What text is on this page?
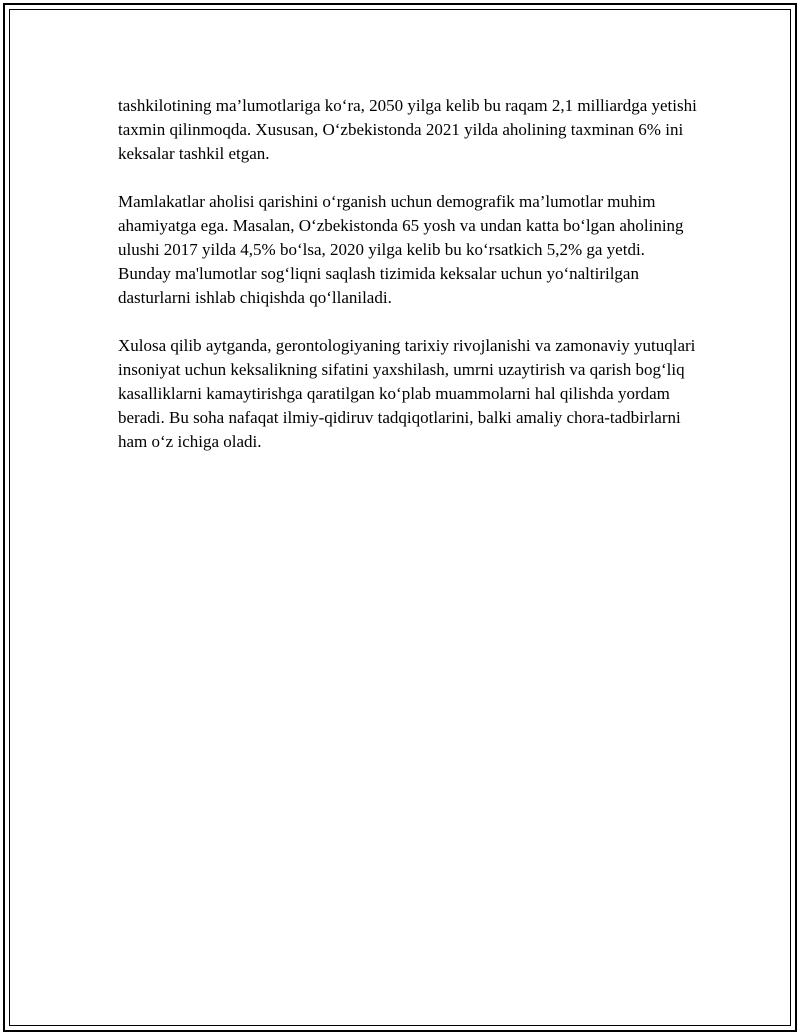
tashkilotining ma’lumotlariga ko‘ra, 2050 yilga kelib bu raqam 2,1 milliardga yetishi taxmin qilinmoqda. Xususan, O‘zbekistonda 2021 yilda aholining taxminan 6% ini keksalar tashkil etgan.

Mamlakatlar aholisi qarishini o‘rganish uchun demografik ma’lumotlar muhim ahamiyatga ega. Masalan, O‘zbekistonda 65 yosh va undan katta bo‘lgan aholining ulushi 2017 yilda 4,5% bo‘lsa, 2020 yilga kelib bu ko‘rsatkich 5,2% ga yetdi. Bunday ma'lumotlar sog‘liqni saqlash tizimida keksalar uchun yo‘naltirilgan dasturlarni ishlab chiqishda qo‘llaniladi.

Xulosa qilib aytganda, gerontologiyaning tarixiy rivojlanishi va zamonaviy yutuqlari insoniyat uchun keksalikning sifatini yaxshilash, umrni uzaytirish va qarish bog‘liq kasalliklarni kamaytirishga qaratilgan ko‘plab muammolarni hal qilishda yordam beradi. Bu soha nafaqat ilmiy-qidiruv tadqiqotlarini, balki amaliy chora-tadbirlarni ham o‘z ichiga oladi.
